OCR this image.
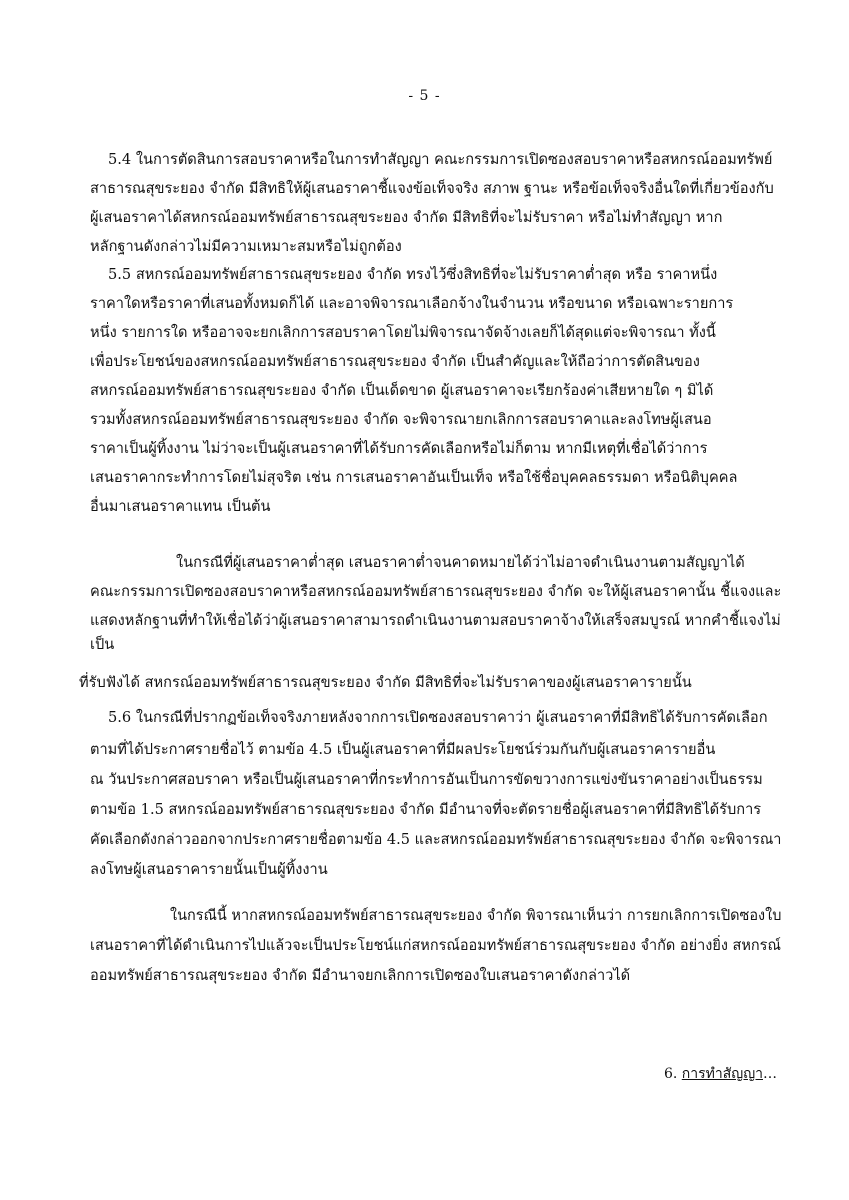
- 5 -
5.4 ในการตัดสินการสอบราคาหรือในการทำสัญญา คณะกรรมการเปิดซองสอบราคาหรือสหกรณ์ออมทรัพย์
สาธารณสุขระยอง จำกัด มีสิทธิให้ผู้เสนอราคาชี้แจงข้อเท็จจริง สภาพ ฐานะ หรือข้อเท็จจริงอื่นใดที่เกี่ยวข้องกับ
ผู้เสนอราคาได้สหกรณ์ออมทรัพย์สาธารณสุขระยอง จำกัด มีสิทธิที่จะไม่รับราคา หรือไม่ทำสัญญา หาก
หลักฐานดังกล่าวไม่มีความเหมาะสมหรือไม่ถูกต้อง
5.5 สหกรณ์ออมทรัพย์สาธารณสุขระยอง จำกัด ทรงไว้ซึ่งสิทธิที่จะไม่รับราคาต่ำสุด หรือ ราคาหนึ่ง
ราคาใดหรือราคาที่เสนอทั้งหมดก็ได้ และอาจพิจารณาเลือกจ้างในจำนวน หรือขนาด หรือเฉพาะรายการ
หนึ่ง รายการใด หรืออาจจะยกเลิกการสอบราคาโดยไม่พิจารณาจัดจ้างเลยก็ได้สุดแต่จะพิจารณา ทั้งนี้
เพื่อประโยชน์ของสหกรณ์ออมทรัพย์สาธารณสุขระยอง จำกัด เป็นสำคัญและให้ถือว่าการตัดสินของ
สหกรณ์ออมทรัพย์สาธารณสุขระยอง จำกัด เป็นเด็ดขาด ผู้เสนอราคาจะเรียกร้องค่าเสียหายใด ๆ มิได้
รวมทั้งสหกรณ์ออมทรัพย์สาธารณสุขระยอง จำกัด จะพิจารณายกเลิกการสอบราคาและลงโทษผู้เสนอ
ราคาเป็นผู้ทิ้งงาน ไม่ว่าจะเป็นผู้เสนอราคาที่ได้รับการคัดเลือกหรือไม่ก็ตาม หากมีเหตุที่เชื่อได้ว่าการ
เสนอราคากระทำการโดยไม่สุจริต เช่น การเสนอราคาอันเป็นเท็จ หรือใช้ชื่อบุคคลธรรมดา หรือนิติบุคคล
อื่นมาเสนอราคาแทน เป็นต้น
ในกรณีที่ผู้เสนอราคาต่ำสุด เสนอราคาต่ำจนคาดหมายได้ว่าไม่อาจดำเนินงานตามสัญญาได้
คณะกรรมการเปิดซองสอบราคาหรือสหกรณ์ออมทรัพย์สาธารณสุขระยอง จำกัด จะให้ผู้เสนอราคานั้น ชี้แจงและ
แสดงหลักฐานที่ทำให้เชื่อได้ว่าผู้เสนอราคาสามารถดำเนินงานตามสอบราคาจ้างให้เสร็จสมบูรณ์ หากคำชี้แจงไม่
เป็น
ที่รับฟังได้ สหกรณ์ออมทรัพย์สาธารณสุขระยอง จำกัด มีสิทธิที่จะไม่รับราคาของผู้เสนอราคารายนั้น
5.6 ในกรณีที่ปรากฏข้อเท็จจริงภายหลังจากการเปิดซองสอบราคาว่า ผู้เสนอราคาที่มีสิทธิได้รับการคัดเลือก
ตามที่ได้ประกาศรายชื่อไว้ ตามข้อ 4.5 เป็นผู้เสนอราคาที่มีผลประโยชน์ร่วมกันกับผู้เสนอราคารายอื่น
ณ วันประกาศสอบราคา หรือเป็นผู้เสนอราคาที่กระทำการอันเป็นการขัดขวางการแข่งขันราคาอย่างเป็นธรรม
ตามข้อ 1.5 สหกรณ์ออมทรัพย์สาธารณสุขระยอง จำกัด มีอำนาจที่จะตัดรายชื่อผู้เสนอราคาที่มีสิทธิได้รับการ
คัดเลือกดังกล่าวออกจากประกาศรายชื่อตามข้อ 4.5 และสหกรณ์ออมทรัพย์สาธารณสุขระยอง จำกัด จะพิจารณา
ลงโทษผู้เสนอราคารายนั้นเป็นผู้ทิ้งงาน
ในกรณีนี้ หากสหกรณ์ออมทรัพย์สาธารณสุขระยอง จำกัด พิจารณาเห็นว่า การยกเลิกการเปิดซองใบ
เสนอราคาที่ได้ดำเนินการไปแล้วจะเป็นประโยชน์แก่สหกรณ์ออมทรัพย์สาธารณสุขระยอง จำกัด อย่างยิ่ง สหกรณ์
ออมทรัพย์สาธารณสุขระยอง จำกัด มีอำนาจยกเลิกการเปิดซองใบเสนอราคาดังกล่าวได้
6. การทำสัญญา…
